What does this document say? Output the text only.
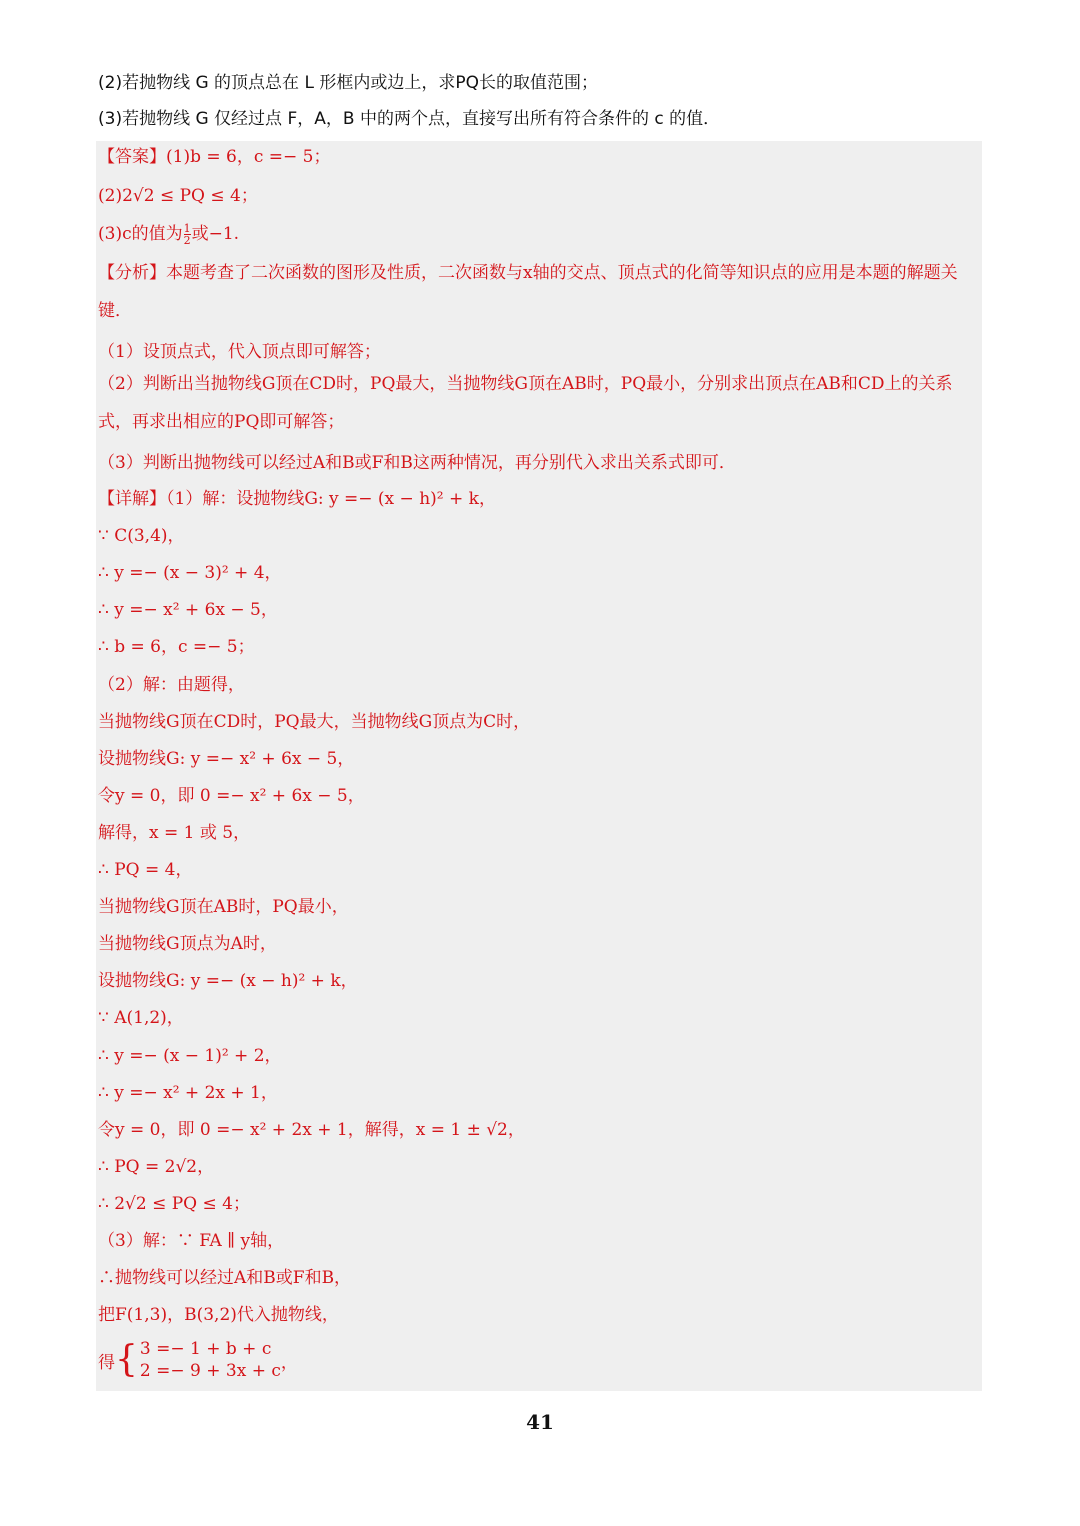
(2)若抛物线 G 的顶点总在 L 形框内或边上，求PQ长的取值范围；
(3)若抛物线 G 仅经过点 F，A，B 中的两个点，直接写出所有符合条件的 c 的值．
【答案】(1)b = 6，c =− 5；
(2)2√2 ≤ PQ ≤ 4；
(3)c的值为 $\frac{1}{2}$ 或−1.
【分析】本题考查了二次函数的图形及性质，二次函数与x轴的交点、顶点式的化简等知识点的应用是本题的解题关键．
（1）设顶点式，代入顶点即可解答；
（2）判断出当抛物线G顶在CD时，PQ最大，当抛物线G顶在AB时，PQ最小，分别求出顶点在AB和CD上的关系式，再求出相应的PQ即可解答；
（3）判断出抛物线可以经过A和B或F和B这两种情况，再分别代入求出关系式即可．
【详解】（1）解：设抛物线G: y =− (x − h)² + k，
∵ C(3,4)，
∴ y =− (x − 3)² + 4，
∴ y =− x² + 6x − 5，
∴ b = 6，c =− 5；
（2）解：由题得，
当抛物线G顶在CD时，PQ最大，当抛物线G顶点为C时，
设抛物线G: y =− x² + 6x − 5，
令y = 0，即 0 =− x² + 6x − 5，
解得，x = 1 或 5，
∴ PQ = 4，
当抛物线G顶在AB时，PQ最小，
当抛物线G顶点为A时，
设抛物线G: y =− (x − h)² + k，
∵ A(1,2)，
∴ y =− (x − 1)² + 2，
∴ y =− x² + 2x + 1，
令y = 0，即 0 =− x² + 2x + 1，解得，x = 1 ± √2，
∴ PQ = 2√2，
∴ 2√2 ≤ PQ ≤ 4；
（3）解：∵ FA ∥ y轴，
∴抛物线可以经过A和B或F和B，
把F(1,3)，B(3,2)代入抛物线，
得 { 3 =− 1 + b + c
2 =− 9 + 3x + c ，
41
